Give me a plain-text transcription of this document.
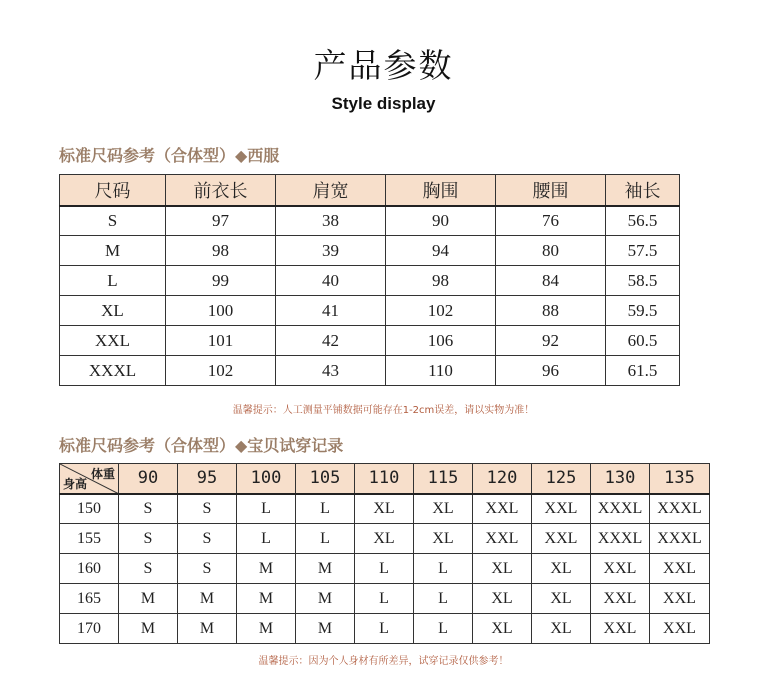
产品参数
Style display
标准尺码参考（合体型）◆西服
尺码	前衣长	肩宽	胸围	腰围	袖长
S	97	38	90	76	56.5
M	98	39	94	80	57.5
L	99	40	98	84	58.5
XL	100	41	102	88	59.5
XXL	101	42	106	92	60.5
XXXL	102	43	110	96	61.5
温馨提示：人工测量平铺数据可能存在1-2cm误差，请以实物为准！
标准尺码参考（合体型）◆宝贝试穿记录
体重
身高	90	95	100	105	110	115	120	125	130	135
150	S	S	L	L	XL	XL	XXL	XXL	XXXL	XXXL
155	S	S	L	L	XL	XL	XXL	XXL	XXXL	XXXL
160	S	S	M	M	L	L	XL	XL	XXL	XXL
165	M	M	M	M	L	L	XL	XL	XXL	XXL
170	M	M	M	M	L	L	XL	XL	XXL	XXL
温馨提示：因为个人身材有所差异，试穿记录仅供参考！
